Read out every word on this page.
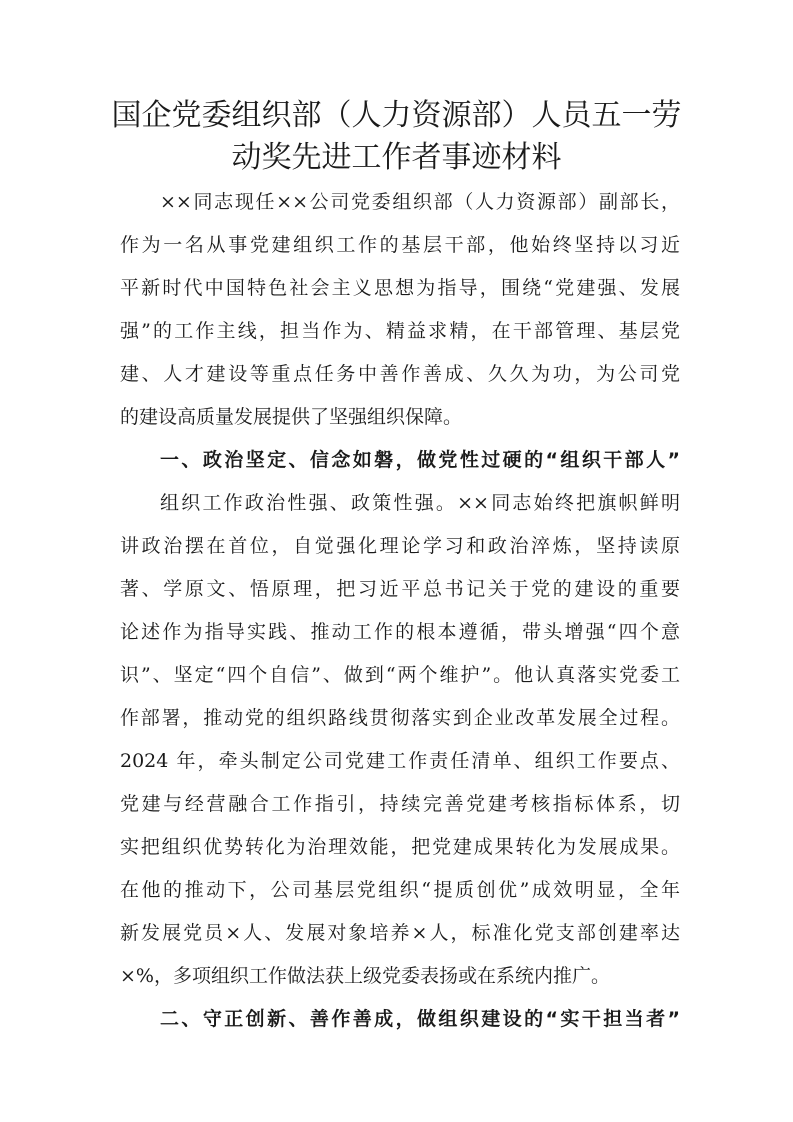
国企党委组织部（人力资源部）人员五一劳
动奖先进工作者事迹材料
××同志现任××公司党委组织部（人力资源部）副部长，
作为一名从事党建组织工作的基层干部，他始终坚持以习近
平新时代中国特色社会主义思想为指导，围绕“党建强、发展
强”的工作主线，担当作为、精益求精，在干部管理、基层党
建、人才建设等重点任务中善作善成、久久为功，为公司党
的建设高质量发展提供了坚强组织保障。
一、政治坚定、信念如磐，做党性过硬的“组织干部人”
组织工作政治性强、政策性强。××同志始终把旗帜鲜明
讲政治摆在首位，自觉强化理论学习和政治淬炼，坚持读原
著、学原文、悟原理，把习近平总书记关于党的建设的重要
论述作为指导实践、推动工作的根本遵循，带头增强“四个意
识”、坚定“四个自信”、做到“两个维护”。他认真落实党委工
作部署，推动党的组织路线贯彻落实到企业改革发展全过程。
2024 年，牵头制定公司党建工作责任清单、组织工作要点、
党建与经营融合工作指引，持续完善党建考核指标体系，切
实把组织优势转化为治理效能，把党建成果转化为发展成果。
在他的推动下，公司基层党组织“提质创优”成效明显，全年
新发展党员×人、发展对象培养×人，标准化党支部创建率达
×%，多项组织工作做法获上级党委表扬或在系统内推广。
二、守正创新、善作善成，做组织建设的“实干担当者”
